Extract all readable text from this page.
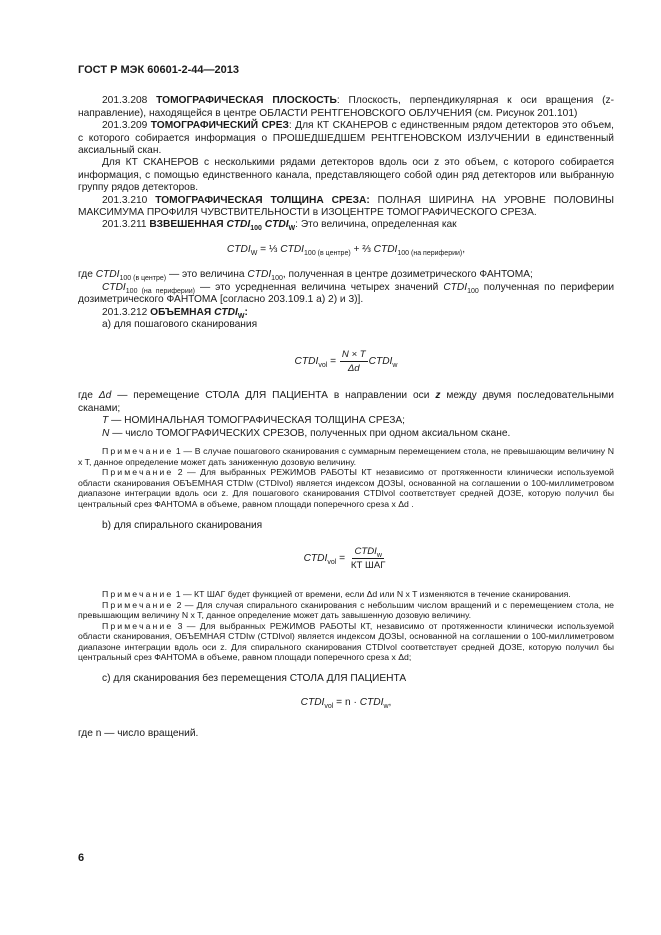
ГОСТ Р МЭК 60601-2-44—2013

201.3.208 ТОМОГРАФИЧЕСКАЯ ПЛОСКОСТЬ: Плоскость, перпендикулярная к оси вращения (z-направление), находящейся в центре ОБЛАСТИ РЕНТГЕНОВСКОГО ОБЛУЧЕНИЯ (см. Рисунок 201.101)

201.3.209 ТОМОГРАФИЧЕСКИЙ СРЕЗ: Для КТ СКАНЕРОВ с единственным рядом детекторов это объем, с которого собирается информация о ПРОШЕДШЕДШЕМ РЕНТГЕНОВСКОМ ИЗЛУЧЕНИИ в единственный аксиальный скан.

Для КТ СКАНЕРОВ с несколькими рядами детекторов вдоль оси z это объем, с которого собирается информация, с помощью единственного канала, представляющего собой один ряд детекторов или выбранную группу рядов детекторов.

201.3.210 ТОМОГРАФИЧЕСКАЯ ТОЛЩИНА СРЕЗА: ПОЛНАЯ ШИРИНА НА УРОВНЕ ПОЛОВИНЫ МАКСИМУМА ПРОФИЛЯ ЧУВСТВИТЕЛЬНОСТИ в ИЗОЦЕНТРЕ ТОМОГРАФИЧЕСКОГО СРЕЗА.

201.3.211 ВЗВЕШЕННАЯ $CTDI_{100}$ $CTDI_W$: Это величина, определенная как

$CTDI_W$ = ⅓ $CTDI_{100 (в центре)}$ + ⅔ $CTDI_{100 (на периферии)}$,

где $CTDI_{100 (в центре)}$ — это величина $CTDI_{100}$, полученная в центре дозиметрического ФАНТОМА;

$CTDI_{100 (на периферии)}$ — это усредненная величина четырех значений $CTDI_{100}$ полученная по периферии дозиметрического ФАНТОМА [согласно 203.109.1 а) 2) и 3)].

201.3.212 ОБЪЕМНАЯ $CTDI_W$:

а) для пошагового сканирования

$CTDI_{vol} = \frac{N \times T}{\Delta d}$ $CTDI_w$

где Δd — перемещение СТОЛА ДЛЯ ПАЦИЕНТА в направлении оси z между двумя последовательными сканами;

T — НОМИНАЛЬНАЯ ТОМОГРАФИЧЕСКАЯ ТОЛЩИНА СРЕЗА;

N — число ТОМОГРАФИЧЕСКИХ СРЕЗОВ, полученных при одном аксиальном скане.

Примечание 1 — В случае пошагового сканирования с суммарным перемещением стола, не превышающим величину N x T, данное определение может дать заниженную дозовую величину.

Примечание 2 — Для выбранных РЕЖИМОВ РАБОТЫ КТ независимо от протяженности клинически используемой области сканирования ОБЪЕМНАЯ CTDIw (CTDIvol) является индексом ДОЗЫ, основанной на соглашении о 100-миллиметровом диапазоне интеграции вдоль оси z. Для пошагового сканирования CTDIvol соответствует средней ДОЗЕ, которую получил бы центральный срез ФАНТОМА в объеме, равном площади поперечного среза x Δd .

b) для спирального сканирования

$CTDI_{vol} = \frac{CTDI_w}{\text{КТ ШАГ}}$

Примечание 1 — КТ ШАГ будет функцией от времени, если Δd или N x T изменяются в течение сканирования.

Примечание 2 — Для случая спирального сканирования с небольшим числом вращений и с перемещением стола, не превышающим величину N x T, данное определение может дать завышенную дозовую величину.

Примечание 3 — Для выбранных РЕЖИМОВ РАБОТЫ КТ, независимо от протяженности клинически используемой области сканирования, ОБЪЕМНАЯ CTDIw (CTDIvol) является индексом ДОЗЫ, основанной на соглашении о 100-миллиметровом диапазоне интеграции вдоль оси z. Для спирального сканирования CTDIvol соответствует средней ДОЗЕ, которую получил бы центральный срез ФАНТОМА в объеме, равном площади поперечного среза x Δd;

с) для сканирования без перемещения СТОЛА ДЛЯ ПАЦИЕНТА

$CTDI_{vol} = n$ · $CTDI_w$,

где n — число вращений.

6
